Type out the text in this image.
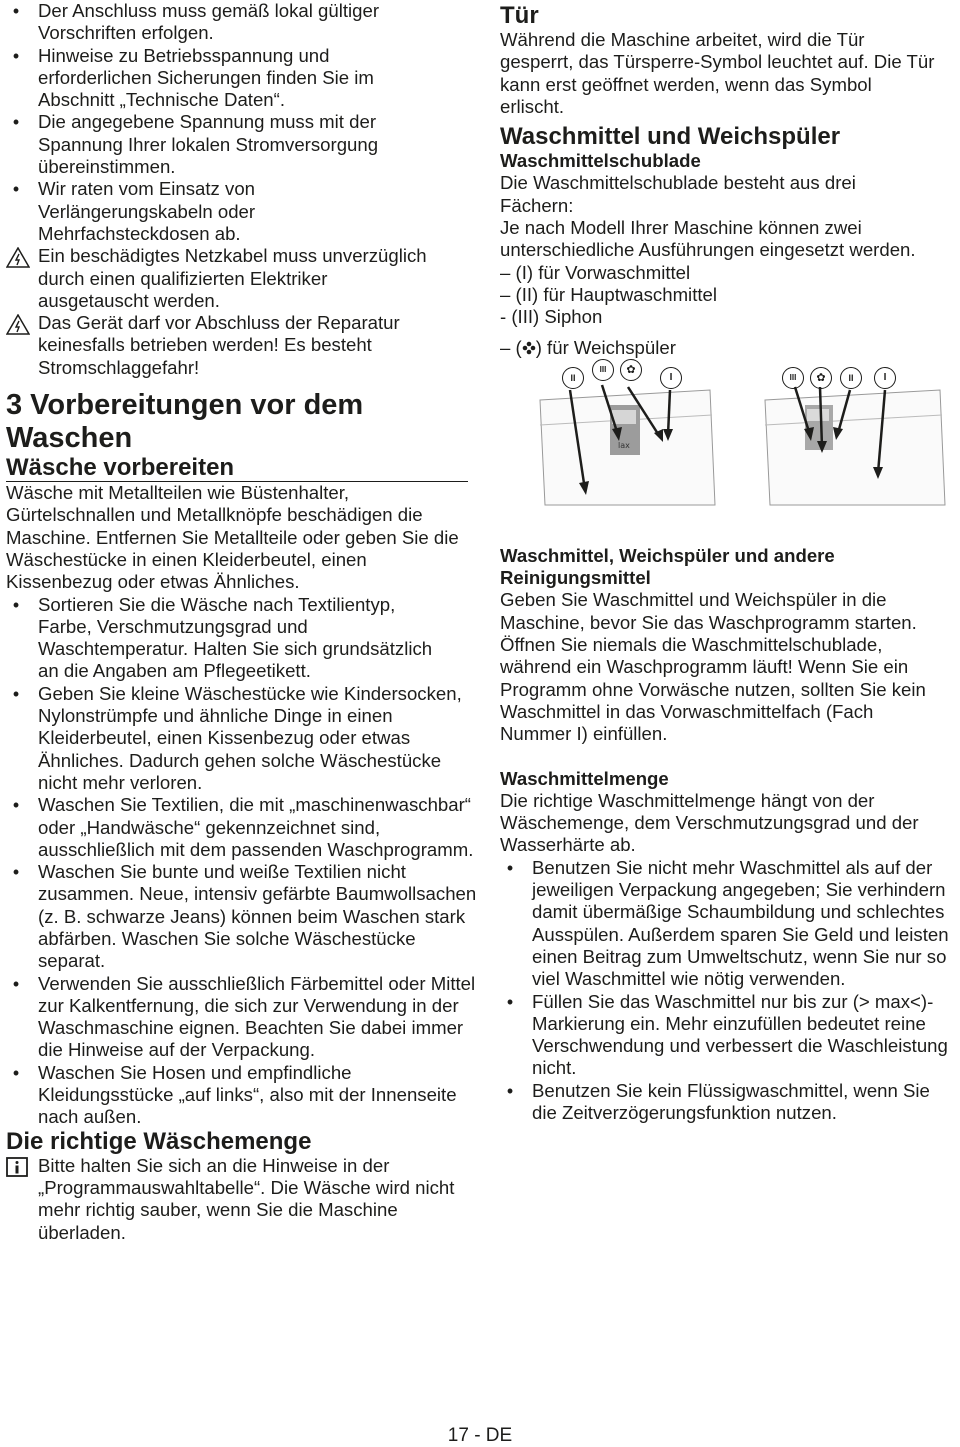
•	Der Anschluss muss gemäß lokal gültiger Vorschriften erfolgen.

•	Hinweise zu Betriebsspannung und erforderlichen Sicherungen finden Sie im Abschnitt „Technische Daten“.

•	Die angegebene Spannung muss mit der Spannung Ihrer lokalen Stromversorgung übereinstimmen.

•	Wir raten vom Einsatz von Verlängerungskabeln oder Mehrfachsteckdosen ab.

Ein beschädigtes Netzkabel muss unverzüglich durch einen qualifizierten Elektriker ausgetauscht werden.

Das Gerät darf vor Abschluss der Reparatur keinesfalls betrieben werden! Es besteht Stromschlaggefahr!

3 Vorbereitungen vor dem Waschen
Wäsche vorbereiten

Wäsche mit Metallteilen wie Büstenhalter, Gürtelschnallen und Metallknöpfe beschädigen die Maschine. Entfernen Sie Metallteile oder geben Sie die Wäschestücke in einen Kleiderbeutel, einen Kissenbezug oder etwas Ähnliches.

•	Sortieren Sie die Wäsche nach Textilientyp, Farbe, Verschmutzungsgrad und Waschtemperatur. Halten Sie sich grundsätzlich an die Angaben am Pflegeetikett.

•	Geben Sie kleine Wäschestücke wie Kindersocken, Nylonstrümpfe und ähnliche Dinge in einen Kleiderbeutel, einen Kissenbezug oder etwas Ähnliches. Dadurch gehen solche Wäschestücke nicht mehr verloren.

•	Waschen Sie Textilien, die mit „maschinenwaschbar“ oder „Handwäsche“ gekennzeichnet sind, ausschließlich mit dem passenden Waschprogramm.

•	Waschen Sie bunte und weiße Textilien nicht zusammen. Neue, intensiv gefärbte Baumwollsachen (z. B. schwarze Jeans) können beim Waschen stark abfärben. Waschen Sie solche Wäschestücke separat.

•	Verwenden Sie ausschließlich Färbemittel oder Mittel zur Kalkentfernung, die sich zur Verwendung in der Waschmaschine eignen. Beachten Sie dabei immer die Hinweise auf der Verpackung.

•	Waschen Sie Hosen und empfindliche Kleidungsstücke „auf links“, also mit der Innenseite nach außen.

Die richtige Wäschemenge

Bitte halten Sie sich an die Hinweise in der „Programmauswahltabelle“. Die Wäsche wird nicht mehr richtig sauber, wenn Sie die Maschine überladen.

Tür

Während die Maschine arbeitet, wird die Tür gesperrt, das Türsperre-Symbol leuchtet auf. Die Tür kann erst geöffnet werden, wenn das Symbol erlischt.

Waschmittel und Weichspüler

Waschmittelschublade

Die Waschmittelschublade besteht aus drei Fächern:

Je nach Modell Ihrer Maschine können zwei unterschiedliche Ausführungen eingesetzt werden.

– (I) für Vorwaschmittel

– (II) für Hauptwaschmittel

- (III) Siphon

– ( ) für Weichspüler

lax
II
III	✿
I	III	✿	II	I

Waschmittel, Weichspüler und andere Reinigungsmittel

Geben Sie Waschmittel und Weichspüler in die Maschine, bevor Sie das Waschprogramm starten. Öffnen Sie niemals die Waschmittelschublade, während ein Waschprogramm läuft! Wenn Sie ein Programm ohne Vorwäsche nutzen, sollten Sie kein Waschmittel in das Vorwaschmittelfach (Fach Nummer I) einfüllen.

Waschmittelmenge

Die richtige Waschmittelmenge hängt von der Wäschemenge, dem Verschmutzungsgrad und der Wasserhärte ab.

•	Benutzen Sie nicht mehr Waschmittel als auf der jeweiligen Verpackung angegeben; Sie verhindern damit übermäßige Schaumbildung und schlechtes Ausspülen. Außerdem sparen Sie Geld und leisten einen Beitrag zum Umweltschutz, wenn Sie nur so viel Waschmittel wie nötig verwenden.

•	Füllen Sie das Waschmittel nur bis zur (> max<)-Markierung ein. Mehr einzufüllen bedeutet reine Verschwendung und verbessert die Waschleistung nicht.

•	Benutzen Sie kein Flüssigwaschmittel, wenn Sie die Zeitverzögerungsfunktion nutzen.

17 - DE
